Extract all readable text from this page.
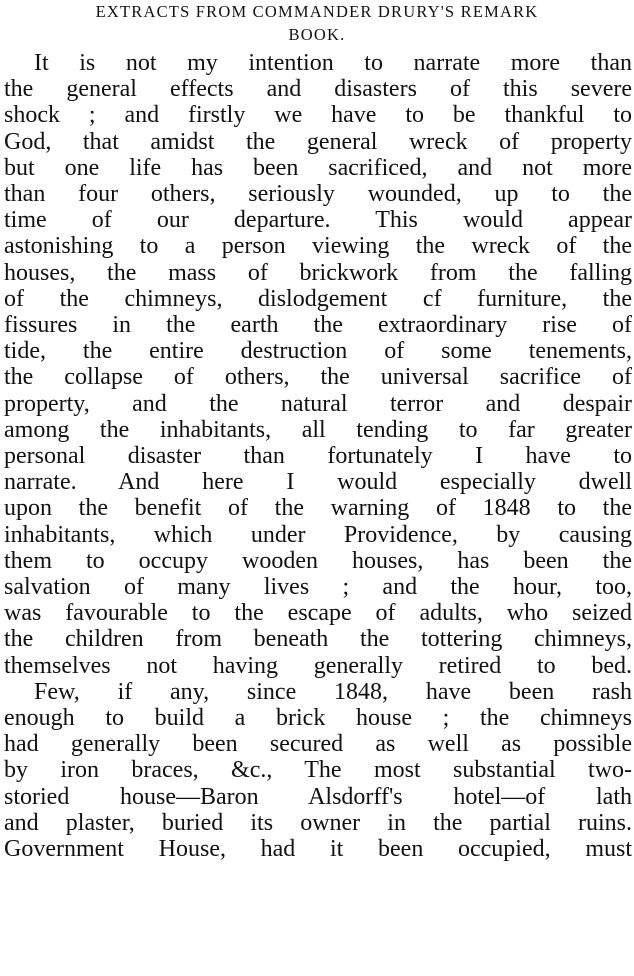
EXTRACTS FROM COMMANDER DRURY'S REMARK
BOOK.
It is not my intention to narrate more than
the general effects and disasters of this severe
shock ; and firstly we have to be thankful to
God, that amidst the general wreck of property
but one life has been sacrificed, and not more
than four others, seriously wounded, up to the
time of our departure. This would appear
astonishing to a person viewing the wreck of the
houses, the mass of brickwork from the falling
of the chimneys, dislodgement cf furniture, the
fissures in the earth the extraordinary rise of
tide, the entire destruction of some tenements,
the collapse of others, the universal sacrifice of
property, and the natural terror and despair
among the inhabitants, all tending to far greater
personal disaster than fortunately I have to
narrate. And here I would especially dwell
upon the benefit of the warning of 1848 to the
inhabitants, which under Providence, by causing
them to occupy wooden houses, has been the
salvation of many lives ; and the hour, too,
was favourable to the escape of adults, who seized
the children from beneath the tottering chimneys,
themselves not having generally retired to bed.
Few, if any, since 1848, have been rash
enough to build a brick house ; the chimneys
had generally been secured as well as possible
by iron braces, &c., The most substantial two-
storied house—Baron Alsdorff's hotel—of lath
and plaster, buried its owner in the partial ruins.
Government House, had it been occupied, must
